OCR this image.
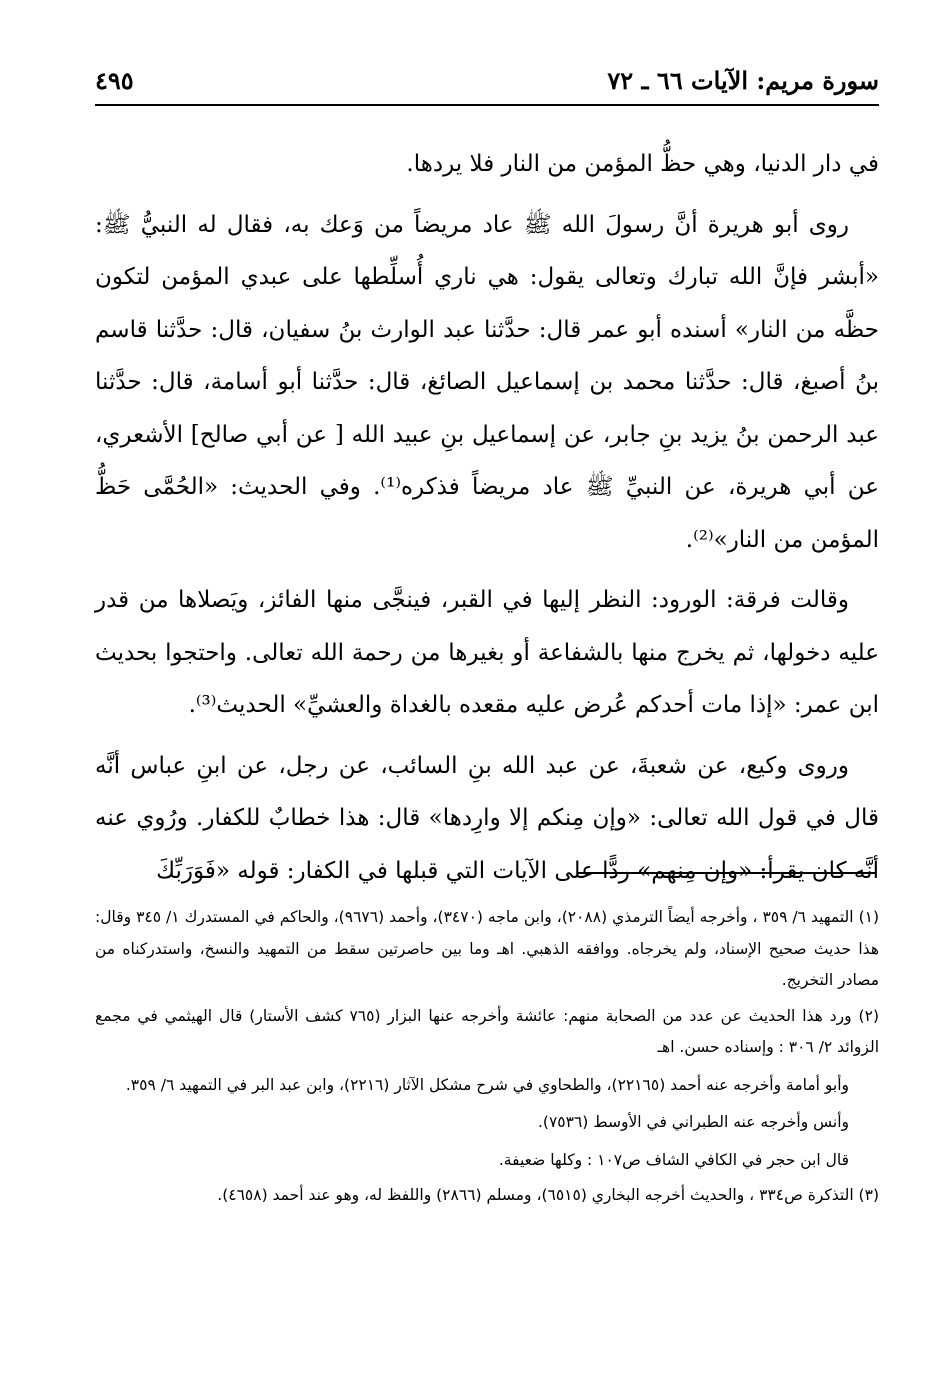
سورة مريم: الآيات ٦٦ ـ ٧٢
٤٩٥

في دار الدنيا، وهي حظُّ المؤمن من النار فلا يردها.

روى أبو هريرة أنَّ رسولَ الله ﷺ عاد مريضاً من وَعك به، فقال له النبيُّ ﷺ: «أبشر فإنَّ الله تبارك وتعالى يقول: هي ناري أُسلِّطها على عبدي المؤمن لتكون حظَّه من النار» أسنده أبو عمر قال: حدَّثنا عبد الوارث بنُ سفيان، قال: حدَّثنا قاسم بنُ أصبغ، قال: حدَّثنا محمد بن إسماعيل الصائغ، قال: حدَّثنا أبو أسامة، قال: حدَّثنا عبد الرحمن بنُ يزيد بنِ جابر، عن إسماعيل بنِ عبيد الله [ عن أبي صالح] الأشعري، عن أبي هريرة، عن النبيِّ ﷺ عاد مريضاً فذكره⁽¹⁾. وفي الحديث: «الحُمَّى حَظُّ المؤمن من النار»⁽²⁾.

وقالت فرقة: الورود: النظر إليها في القبر، فينجَّى منها الفائز، ويَصلاها من قدر عليه دخولها، ثم يخرج منها بالشفاعة أو بغيرها من رحمة الله تعالى. واحتجوا بحديث ابن عمر: «إذا مات أحدكم عُرض عليه مقعده بالغداة والعشيِّ» الحديث⁽³⁾.

وروى وكيع، عن شعبةَ، عن عبد الله بنِ السائب، عن رجل، عن ابنِ عباس أنَّه قال في قول الله تعالى: «وإن مِنكم إلا وارِدها» قال: هذا خطابٌ للكفار. ورُوي عنه أنَّه كان يقرأ: «وإن مِنهم» ردًّا على الآيات التي قبلها في الكفار: قوله «فَوَرَبِّكَ

(١) التمهيد ٦/ ٣٥٩ ، وأخرجه أيضاً الترمذي (٢٠٨٨)، وابن ماجه (٣٤٧٠)، وأحمد (٩٦٧٦)، والحاكم في المستدرك ١/ ٣٤٥ وقال: هذا حديث صحيح الإسناد، ولم يخرجاه. ووافقه الذهبي. اهـ وما بين حاصرتين سقط من التمهيد والنسخ، واستدركناه من مصادر التخريج.

(٢) ورد هذا الحديث عن عدد من الصحابة منهم: عائشة وأخرجه عنها البزار (٧٦٥ كشف الأستار) قال الهيثمي في مجمع الزوائد ٢/ ٣٠٦ : وإسناده حسن. اهـ

وأبو أمامة وأخرجه عنه أحمد (٢٢١٦٥)، والطحاوي في شرح مشكل الآثار (٢٢١٦)، وابن عبد البر في التمهيد ٦/ ٣٥٩.

وأنس وأخرجه عنه الطبراني في الأوسط (٧٥٣٦).

قال ابن حجر في الكافي الشاف ص١٠٧ : وكلها ضعيفة.

(٣) التذكرة ص٣٣٤ ، والحديث أخرجه البخاري (٦٥١٥)، ومسلم (٢٨٦٦) واللفظ له، وهو عند أحمد (٤٦٥٨).
